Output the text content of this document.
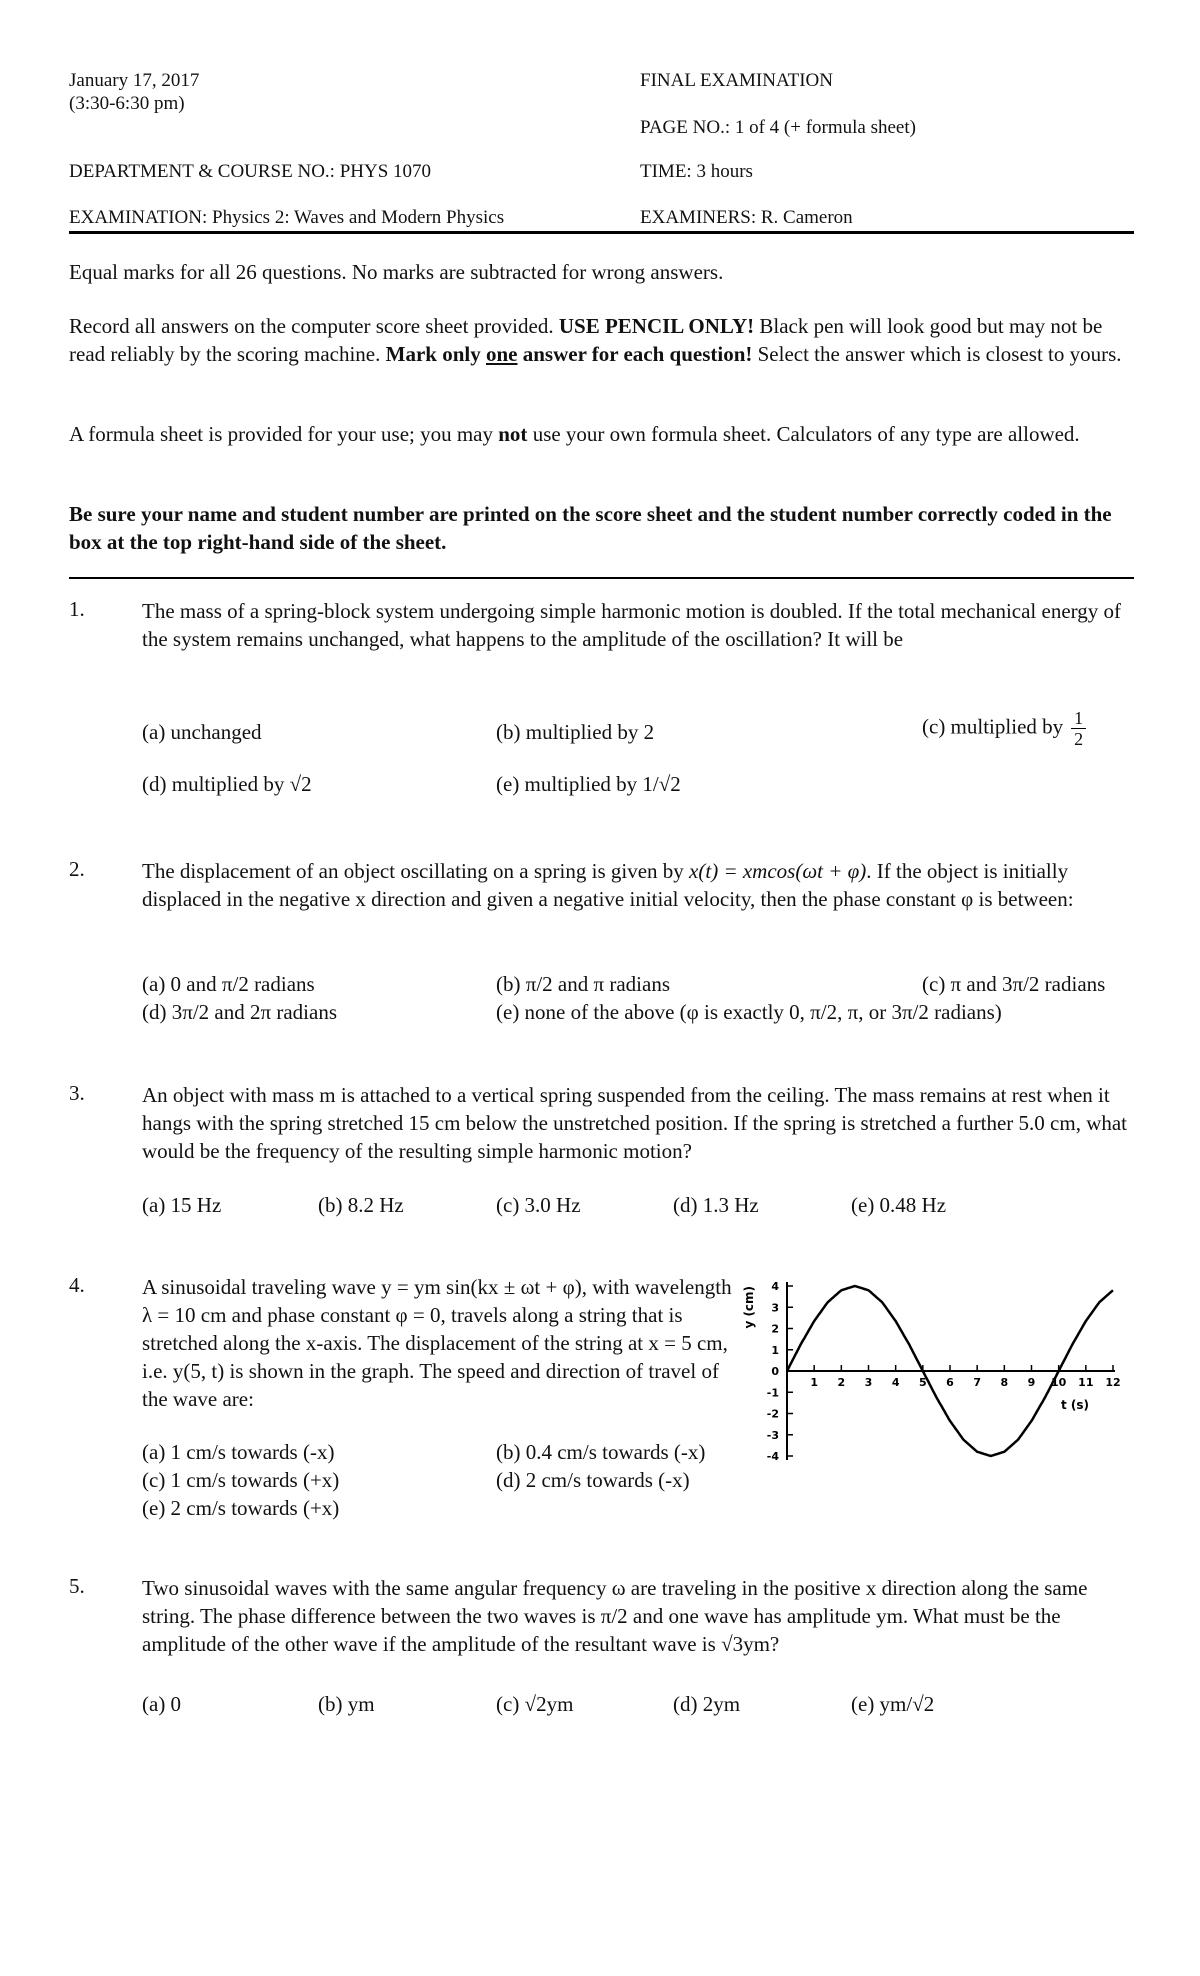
January 17, 2017
(3:30-6:30 pm)
FINAL EXAMINATION
PAGE NO.: 1 of 4 (+ formula sheet)
DEPARTMENT & COURSE NO.: PHYS 1070	TIME: 3 hours
EXAMINATION: Physics 2: Waves and Modern Physics	EXAMINERS: R. Cameron
Equal marks for all 26 questions. No marks are subtracted for wrong answers.
Record all answers on the computer score sheet provided. USE PENCIL ONLY! Black pen will look good but may not be read reliably by the scoring machine. Mark only one answer for each question! Select the answer which is closest to yours.
A formula sheet is provided for your use; you may not use your own formula sheet. Calculators of any type are allowed.
Be sure your name and student number are printed on the score sheet and the student number correctly coded in the box at the top right-hand side of the sheet.
1.	The mass of a spring-block system undergoing simple harmonic motion is doubled. If the total mechanical energy of the system remains unchanged, what happens to the amplitude of the oscillation? It will be
(a) unchanged	(b) multiplied by 2	(c) multiplied by $\frac{1}{2}$
(d) multiplied by √2	(e) multiplied by 1/√2
2.	The displacement of an object oscillating on a spring is given by x(t) = xmcos(ωt + φ). If the object is initially displaced in the negative x direction and given a negative initial velocity, then the phase constant φ is between:
(a) 0 and π/2 radians	(b) π/2 and π radians	(c) π and 3π/2 radians
(d) 3π/2 and 2π radians	(e) none of the above (φ is exactly 0, π/2, π, or 3π/2 radians)
3.	An object with mass m is attached to a vertical spring suspended from the ceiling. The mass remains at rest when it hangs with the spring stretched 15 cm below the unstretched position. If the spring is stretched a further 5.0 cm, what would be the frequency of the resulting simple harmonic motion?
(a) 15 Hz	(b) 8.2 Hz	(c) 3.0 Hz	(d) 1.3 Hz	(e) 0.48 Hz
4.	A sinusoidal traveling wave y = ym sin(kx ± ωt + φ), with wavelength λ = 10 cm and phase constant φ = 0, travels along a string that is stretched along the x-axis. The displacement of the string at x = 5 cm, i.e. y(5, t) is shown in the graph. The speed and direction of travel of the wave are:
4
3
2
1
0
-1
-2
-3
-4
1 2 3 4 5 6 7 8 9 10 11 12
t (s)
y (cm)
(a) 1 cm/s towards (-x)	(b) 0.4 cm/s towards (-x)
(c) 1 cm/s towards (+x)	(d) 2 cm/s towards (-x)
(e) 2 cm/s towards (+x)
5.	Two sinusoidal waves with the same angular frequency ω are traveling in the positive x direction along the same string. The phase difference between the two waves is π/2 and one wave has amplitude ym. What must be the amplitude of the other wave if the amplitude of the resultant wave is √3ym?
(a) 0	(b) ym	(c) √2ym	(d) 2ym	(e) ym/√2
